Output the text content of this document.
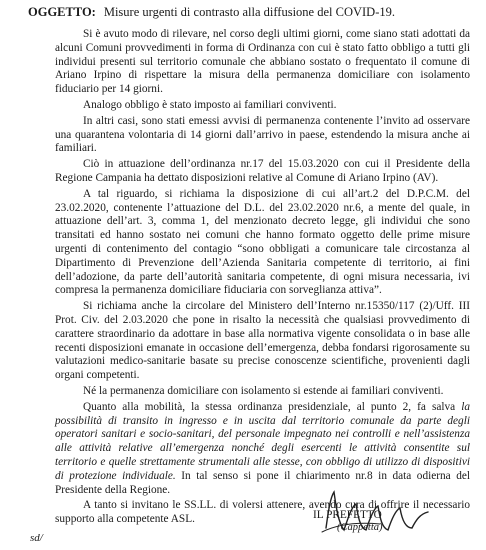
OGGETTO: Misure urgenti di contrasto alla diffusione del COVID-19.

Si è avuto modo di rilevare, nel corso degli ultimi giorni, come siano stati adottati da alcuni Comuni provvedimenti in forma di Ordinanza con cui è stato fatto obbligo a tutti gli individui presenti sul territorio comunale che abbiano sostato o frequentato il comune di Ariano Irpino di rispettare la misura della permanenza domiciliare con isolamento fiduciario per 14 giorni.

Analogo obbligo è stato imposto ai familiari conviventi.

In altri casi, sono stati emessi avvisi di permanenza contenente l’invito ad osservare una quarantena volontaria di 14 giorni dall’arrivo in paese, estendendo la misura anche ai familiari.

Ciò in attuazione dell’ordinanza nr.17 del 15.03.2020 con cui il Presidente della Regione Campania ha dettato disposizioni relative al Comune di Ariano Irpino (AV).

A tal riguardo, si richiama la disposizione di cui all’art.2 del D.P.C.M. del 23.02.2020, contenente l’attuazione del D.L. del 23.02.2020 nr.6, a mente del quale, in attuazione dell’art. 3, comma 1, del menzionato decreto legge, gli individui che sono transitati ed hanno sostato nei comuni che hanno formato oggetto delle prime misure urgenti di contenimento del contagio “sono obbligati a comunicare tale circostanza al Dipartimento di Prevenzione dell’Azienda Sanitaria competente di territorio, ai fini dell’adozione, da parte dell’autorità sanitaria competente, di ogni misura necessaria, ivi compresa la permanenza domiciliare fiduciaria con sorveglianza attiva”.

Si richiama anche la circolare del Ministero dell’Interno nr.15350/117 (2)/Uff. III Prot. Civ. del 2.03.2020 che pone in risalto la necessità che qualsiasi provvedimento di carattere straordinario da adottare in base alla normativa vigente consolidata o in base alle recenti disposizioni emanate in occasione dell’emergenza, debba fondarsi rigorosamente su valutazioni medico-sanitarie basate su precise conoscenze scientifiche, provenienti dagli organi competenti.

Né la permanenza domiciliare con isolamento si estende ai familiari conviventi.

Quanto alla mobilità, la stessa ordinanza presidenziale, al punto 2, fa salva la possibilità di transito in ingresso e in uscita dal territorio comunale da parte degli operatori sanitari e socio-sanitari, del personale impegnato nei controlli e nell’assistenza alle attività relative all’emergenza nonché degli esercenti le attività consentite sul territorio e quelle strettamente strumentali alle stesse, con obbligo di utilizzo di dispositivi di protezione individuale. In tal senso si pone il chiarimento nr.8 in data odierna del Presidente della Regione.

A tanto si invitano le SS.LL. di volersi attenere, avendo cura di offrire il necessario supporto alla competente ASL.	IL PREFETTO
(Cappetta)
sd/
